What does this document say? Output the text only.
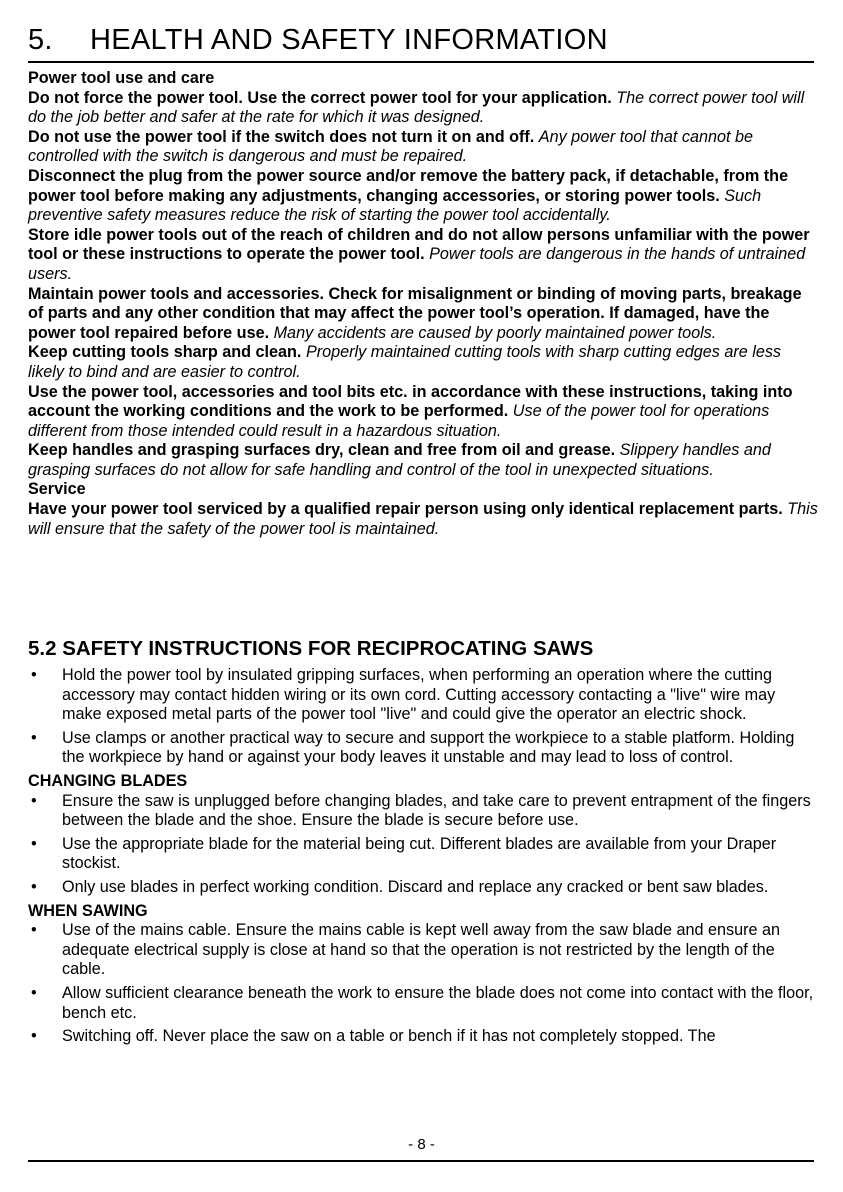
5. HEALTH AND SAFETY INFORMATION

Power tool use and care

Do not force the power tool. Use the correct power tool for your application. The correct power tool will do the job better and safer at the rate for which it was designed.

Do not use the power tool if the switch does not turn it on and off. Any power tool that cannot be controlled with the switch is dangerous and must be repaired.

Disconnect the plug from the power source and/or remove the battery pack, if detachable, from the power tool before making any adjustments, changing accessories, or storing power tools. Such preventive safety measures reduce the risk of starting the power tool accidentally.

Store idle power tools out of the reach of children and do not allow persons unfamiliar with the power tool or these instructions to operate the power tool. Power tools are dangerous in the hands of untrained users.

Maintain power tools and accessories. Check for misalignment or binding of moving parts, breakage of parts and any other condition that may affect the power tool’s operation. If damaged, have the power tool repaired before use. Many accidents are caused by poorly maintained power tools.

Keep cutting tools sharp and clean. Properly maintained cutting tools with sharp cutting edges are less likely to bind and are easier to control.

Use the power tool, accessories and tool bits etc. in accordance with these instructions, taking into account the working conditions and the work to be performed. Use of the power tool for operations different from those intended could result in a hazardous situation.

Keep handles and grasping surfaces dry, clean and free from oil and grease. Slippery handles and grasping surfaces do not allow for safe handling and control of the tool in unexpected situations.

Service

Have your power tool serviced by a qualified repair person using only identical replacement parts. This will ensure that the safety of the power tool is maintained.

5.2 SAFETY INSTRUCTIONS FOR RECIPROCATING SAWS
• Hold the power tool by insulated gripping surfaces, when performing an operation where the cutting accessory may contact hidden wiring or its own cord. Cutting accessory contacting a "live" wire may make exposed metal parts of the power tool "live" and could give the operator an electric shock.
• Use clamps or another practical way to secure and support the workpiece to a stable platform. Holding the workpiece by hand or against your body leaves it unstable and may lead to loss of control.

CHANGING BLADES

• Ensure the saw is unplugged before changing blades, and take care to prevent entrapment of the fingers between the blade and the shoe. Ensure the blade is secure before use.
• Use the appropriate blade for the material being cut. Different blades are available from your Draper stockist.
• Only use blades in perfect working condition. Discard and replace any cracked or bent saw blades.

WHEN SAWING

• Use of the mains cable. Ensure the mains cable is kept well away from the saw blade and ensure an adequate electrical supply is close at hand so that the operation is not restricted by the length of the cable.
• Allow sufficient clearance beneath the work to ensure the blade does not come into contact with the floor, bench etc.
• Switching off. Never place the saw on a table or bench if it has not completely stopped. The
- 8 -
